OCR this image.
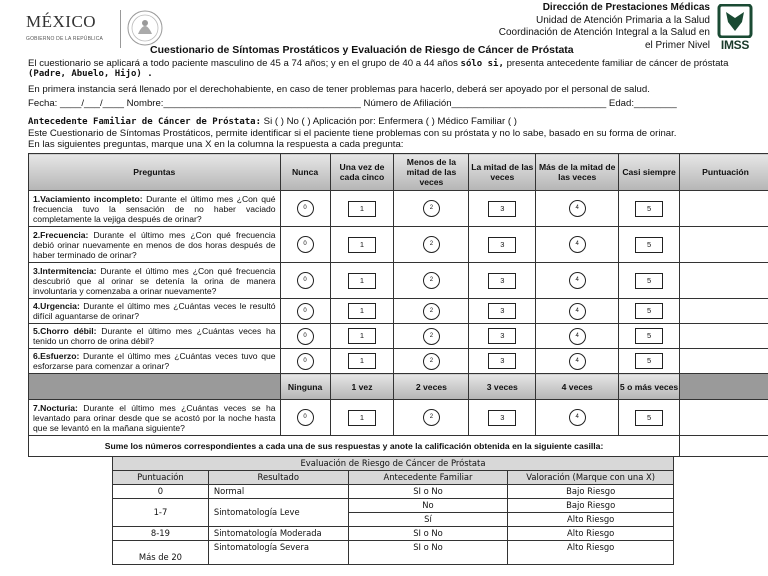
MÉXICO
GOBIERNO DE LA REPÚBLICA
Dirección de Prestaciones Médicas
Unidad de Atención Primaria a la Salud
Coordinación de Atención Integral a la Salud en
el Primer Nivel IMSS
Cuestionario de Síntomas Prostáticos y Evaluación de Riesgo de Cáncer de Próstata
El cuestionario se aplicará a todo paciente masculino de 45 a 74 años; y en el grupo de 40 a 44 años sólo si, presenta antecedente familiar de cáncer de próstata
(Padre, Abuelo, Hijo) .
En primera instancia será llenado por el derechohabiente, en caso de tener problemas para hacerlo, deberá ser apoyado por el personal de salud.
Fecha: ____/___/____ Nombre:_____________________________________ Número de Afiliación_____________________________ Edad:________
Antecedente Familiar de Cáncer de Próstata: Si ( ) No ( ) Aplicación por: Enfermera ( ) Médico Familiar ( )
Este Cuestionario de Síntomas Prostáticos, permite identificar si el paciente tiene problemas con su próstata y no lo sabe, basado en su forma de orinar.
En las siguientes preguntas, marque una X en la columna la respuesta a cada pregunta:
Preguntas	Nunca	Una vez de cada cinco	Menos de la mitad de las veces	La mitad de las veces	Más de la mitad de las veces	Casi siempre	Puntuación
1.Vaciamiento incompleto: Durante el último mes ¿Con qué frecuencia tuvo la sensación de no haber vaciado completamente la vejiga después de orinar?	0	1	2	3	4	5	
2.Frecuencia: Durante el último mes ¿Con qué frecuencia debió orinar nuevamente en menos de dos horas después de haber terminado de orinar?	0	1	2	3	4	5	
3.Intermitencia: Durante el último mes ¿Con qué frecuencia descubrió que al orinar se detenía la orina de manera involuntaria y comenzaba a orinar nuevamente?	0	1	2	3	4	5	
4.Urgencia: Durante el último mes ¿Cuántas veces le resultó difícil aguantarse de orinar?	0	1	2	3	4	5	
5.Chorro débil: Durante el último mes ¿Cuántas veces ha tenido un chorro de orina débil?	0	1	2	3	4	5	
6.Esfuerzo: Durante el último mes ¿Cuántas veces tuvo que esforzarse para comenzar a orinar?	0	1	2	3	4	5	
	Ninguna	1 vez	2 veces	3 veces	4 veces	5 o más veces	
7.Nocturia: Durante el último mes ¿Cuántas veces se ha levantado para orinar desde que se acostó por la noche hasta que se levantó en la mañana siguiente?	0	1	2	3	4	5	
Sume los números correspondientes a cada una de sus respuestas y anote la calificación obtenida en la siguiente casilla:							
Evaluación de Riesgo de Cáncer de Próstata			
Puntuación	Resultado	Antecedente Familiar	Valoración (Marque con una X)
0	Normal	SI o No	Bajo Riesgo
1-7	Sintomatología Leve	No	Bajo Riesgo
		Sí	Alto Riesgo
8-19	Sintomatología Moderada	SI o No	Alto Riesgo
Más de 20	Sintomatología Severa	SI o No	Alto Riesgo
